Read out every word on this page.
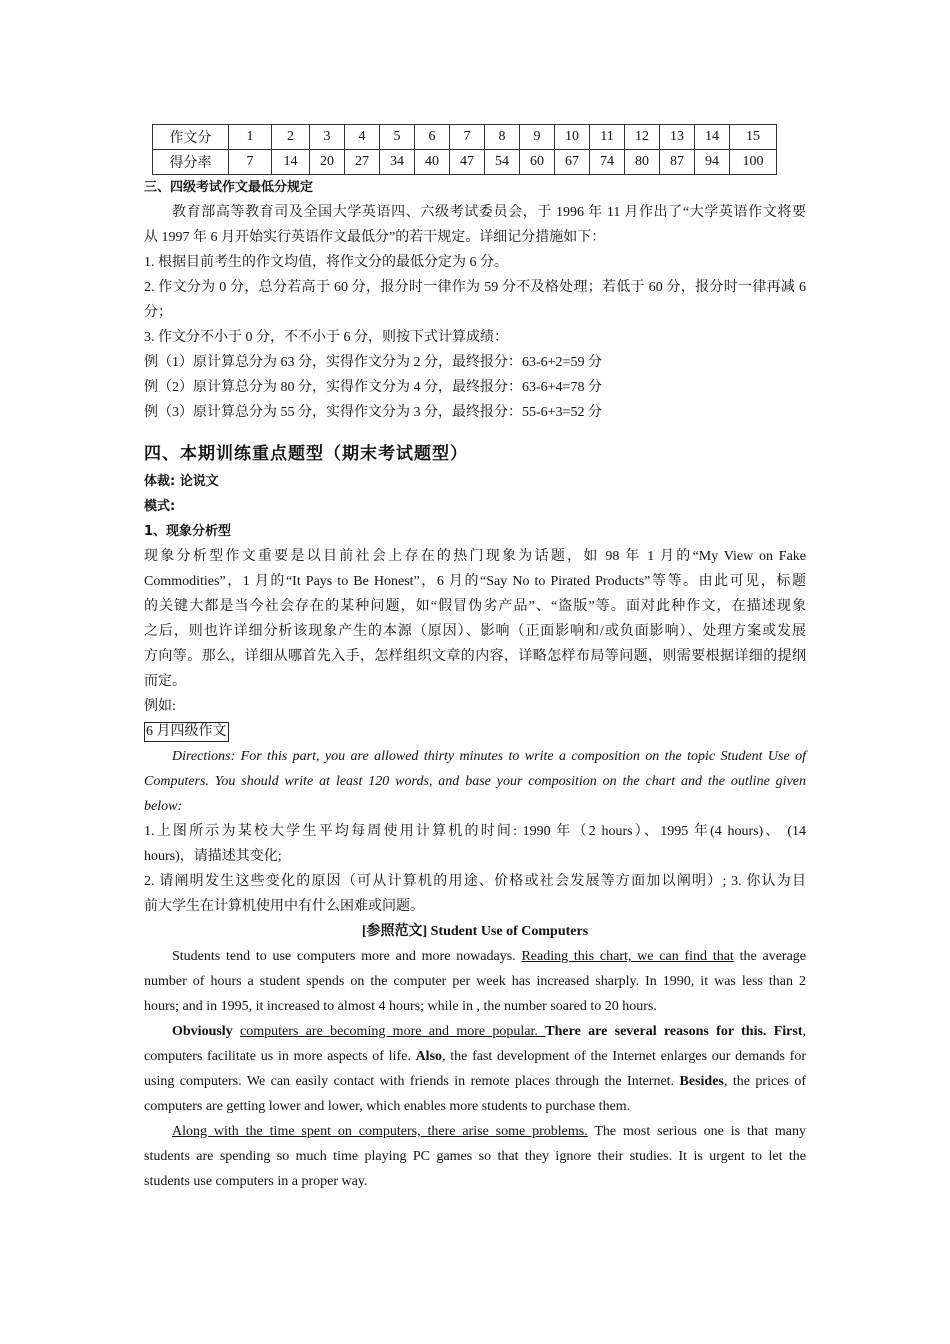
作文分	1	2	3	4	5	6	7	8	9	10	11	12	13	14	15
得分率	7	14	20	27	34	40	47	54	60	67	74	80	87	94	100
三、四级考试作文最低分规定
教育部高等教育司及全国大学英语四、六级考试委员会，于 1996 年 11 月作出了“大学英语作文将要
从 1997 年 6 月开始实行英语作文最低分”的若干规定。详细记分措施如下：
1. 根据目前考生的作文均值，将作文分的最低分定为 6 分。
2. 作文分为 0 分，总分若高于 60 分，报分时一律作为 59 分不及格处理；若低于 60 分，报分时一律再减 6
分；
3. 作文分不小于 0 分，不不小于 6 分，则按下式计算成绩：
例（1）原计算总分为 63 分，实得作文分为 2 分，最终报分：63-6+2=59 分
例（2）原计算总分为 80 分，实得作文分为 4 分，最终报分：63-6+4=78 分
例（3）原计算总分为 55 分，实得作文分为 3 分，最终报分：55-6+3=52 分
四、本期训练重点题型（期末考试题型）
体裁: 论说文
模式:
1、现象分析型
现象分析型作文重要是以目前社会上存在的热门现象为话题，如 98 年 1 月的“My View on Fake
Commodities”，1 月的“It Pays to Be Honest”，6 月的“Say No to Pirated Products”等等。由此可见，标题
的关键大都是当今社会存在的某种问题，如“假冒伪劣产品”、“盗版”等。面对此种作文，在描述现象
之后，则也许详细分析该现象产生的本源（原因）、影响（正面影响和/或负面影响）、处理方案或发展
方向等。那么，详细从哪首先入手，怎样组织文章的内容，详略怎样布局等问题，则需要根据详细的提纲
而定。
例如:
6 月四级作文
Directions: For this part, you are allowed thirty minutes to write a composition on the topic Student Use of
Computers. You should write at least 120 words, and base your composition on the chart and the outline given
below:
1.上图所示为某校大学生平均每周使用计算机的时间: 1990 年（2 hours）、1995 年(4 hours)、 (14
hours)，请描述其变化;
2. 请阐明发生这些变化的原因（可从计算机的用途、价格或社会发展等方面加以阐明）; 3. 你认为目
前大学生在计算机使用中有什么困难或问题。
[参照范文] Student Use of Computers
Students tend to use computers more and more nowadays. Reading this chart, we can find that the average
number of hours a student spends on the computer per week has increased sharply. In 1990, it was less than 2
hours; and in 1995, it increased to almost 4 hours; while in , the number soared to 20 hours.
Obviously computers are becoming more and more popular. There are several reasons for this. First,
computers facilitate us in more aspects of life. Also, the fast development of the Internet enlarges our demands for
using computers. We can easily contact with friends in remote places through the Internet. Besides, the prices of
computers are getting lower and lower, which enables more students to purchase them.
Along with the time spent on computers, there arise some problems. The most serious one is that many
students are spending so much time playing PC games so that they ignore their studies. It is urgent to let the
students use computers in a proper way.
